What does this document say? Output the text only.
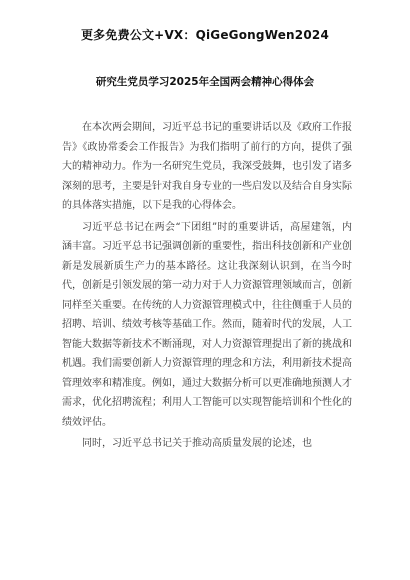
更多免费公文+VX：QiGeGongWen2024
研究生党员学习2025年全国两会精神心得体会

在本次两会期间，习近平总书记的重要讲话以及《政府工作报告》《政协常委会工作报告》为我们指明了前行的方向，提供了强大的精神动力。作为一名研究生党员，我深受鼓舞，也引发了诸多深刻的思考，主要是针对我自身专业的一些启发以及结合自身实际的具体落实措施，以下是我的心得体会。

习近平总书记在两会“下团组”时的重要讲话，高屋建瓴，内涵丰富。习近平总书记强调创新的重要性，指出科技创新和产业创新是发展新质生产力的基本路径。这让我深刻认识到，在当今时代，创新是引领发展的第一动力对于人力资源管理领域而言，创新同样至关重要。在传统的人力资源管理模式中，往往侧重于人员的招聘、培训、绩效考核等基础工作。然而，随着时代的发展，人工智能大数据等新技术不断涌现，对人力资源管理提出了新的挑战和机遇。我们需要创新人力资源管理的理念和方法，利用新技术提高管理效率和精准度。例如，通过大数据分析可以更准确地预测人才需求，优化招聘流程；利用人工智能可以实现智能培训和个性化的绩效评估。

同时，习近平总书记关于推动高质量发展的论述，也
